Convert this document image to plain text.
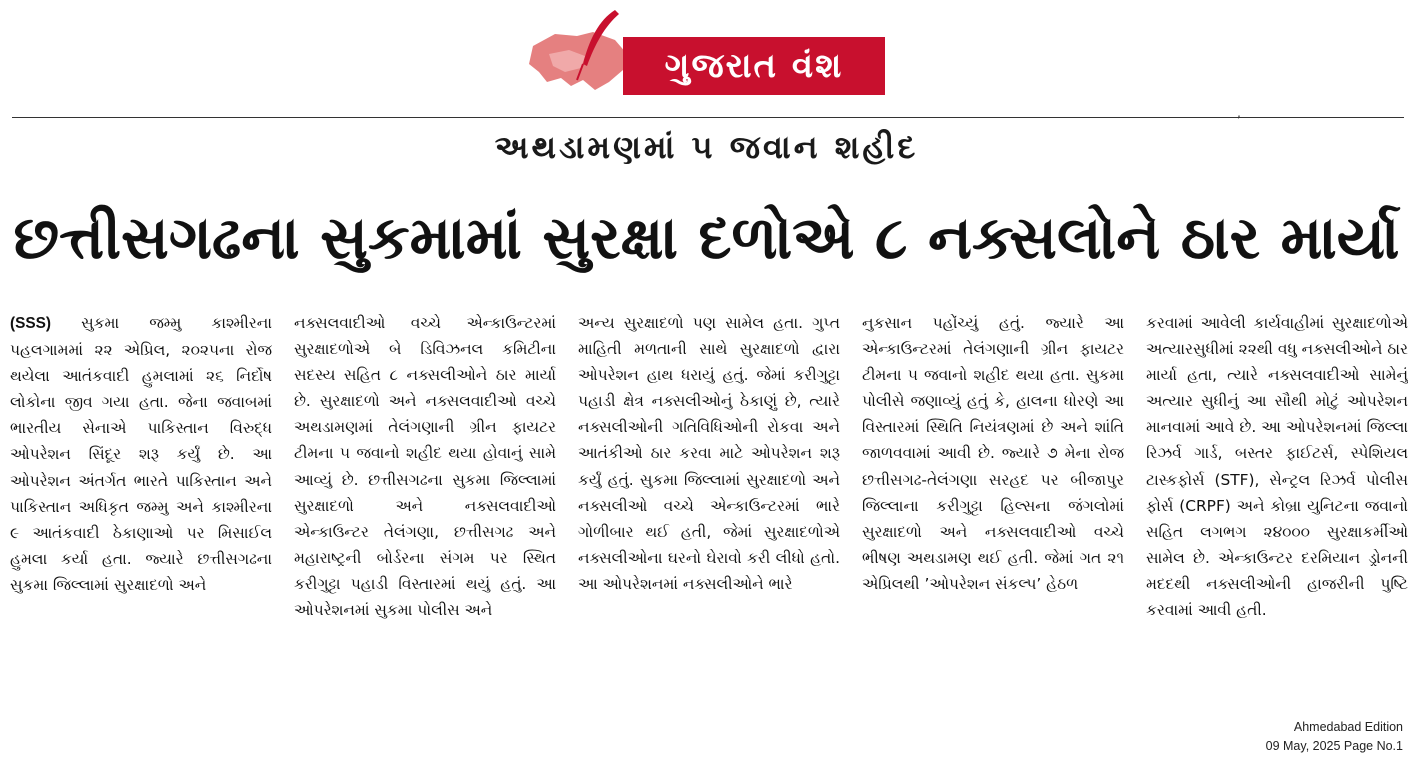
ગુજરાત વંશ
,
અથડામણમાં ૫ જવાન શહીદ
છત્તીસગઢના સુકમામાં સુરક્ષા દળોએ ૮ નક્સલોને ઠાર માર્યા
(SSS) સુકમા જમ્મુ કાશ્મીરના પહલગામમાં ૨૨ એપ્રિલ, ૨૦૨૫ના રોજ થયેલા આતંકવાદી હુમલામાં ૨૬ નિર્દોષ લોકોના જીવ ગયા હતા. જેના જવાબમાં ભારતીય સેનાએ પાકિસ્તાન વિરુદ્ધ ઓપરેશન સિંદૂર શરૂ કર્યું છે. આ ઓપરેશન અંતર્ગત ભારતે પાકિસ્તાન અને પાકિસ્તાન અધિકૃત જમ્મુ અને કાશ્મીરના ૯ આતંકવાદી ઠેકાણાઓ પર મિસાઈલ હુમલા કર્યા હતા. જ્યારે છત્તીસગઢના સુકમા જિલ્લામાં સુરક્ષાદળો અને
નક્સલવાદીઓ વચ્ચે એન્કાઉન્ટરમાં સુરક્ષાદળોએ બે ડિવિઝનલ કમિટીના સદસ્ય સહિત ૮ નક્સલીઓને ઠાર માર્યા છે. સુરક્ષાદળો અને નક્સલવાદીઓ વચ્ચે અથડામણમાં તેલંગણાની ગ્રીન ફાયટર ટીમના ૫ જવાનો શહીદ થયા હોવાનું સામે આવ્યું છે. છત્તીસગઢના સુકમા જિલ્લામાં સુરક્ષાદળો અને નક્સલવાદીઓ એન્કાઉન્ટર તેલંગણા, છત્તીસગઢ અને મહારાષ્ટ્રની બોર્ડરના સંગમ પર સ્થિત કરીગુટ્ટા પહાડી વિસ્તારમાં થયું હતું. આ ઓપરેશનમાં સુકમા પોલીસ અને
અન્ય સુરક્ષાદળો પણ સામેલ હતા. ગુપ્ત માહિતી મળતાની સાથે સુરક્ષાદળો દ્વારા ઓપરેશન હાથ ધરાયું હતું. જેમાં કરીગુટ્ટા પહાડી ક્ષેત્ર નક્સલીઓનું ઠેકાણું છે, ત્યારે નક્સલીઓની ગતિવિધિઓની રોકવા અને આતંકીઓ ઠાર કરવા માટે ઓપરેશન શરૂ કર્યું હતું. સુકમા જિલ્લામાં સુરક્ષાદળો અને નક્સલીઓ વચ્ચે એન્કાઉન્ટરમાં ભારે ગોળીબાર થઈ હતી, જેમાં સુરક્ષાદળોએ નક્સલીઓના ઘરનો ઘેરાવો કરી લીધો હતો. આ ઓપરેશનમાં નક્સલીઓને ભારે
નુકસાન પહોંચ્યું હતું. જ્યારે આ એન્કાઉન્ટરમાં તેલંગણાની ગ્રીન ફાયટર ટીમના ૫ જવાનો શહીદ થયા હતા. સુકમા પોલીસે જણાવ્યું હતું કે, હાલના ધોરણે આ વિસ્તારમાં સ્થિતિ નિયંત્રણમાં છે અને શાંતિ જાળવવામાં આવી છે. જ્યારે ૭ મેના રોજ છત્તીસગઢ-તેલંગણા સરહદ પર બીજાપુર જિલ્લાના કરીગુટ્ટા હિલ્સના જંગલોમાં સુરક્ષાદળો અને નક્સલવાદીઓ વચ્ચે ભીષણ અથડામણ થઈ હતી. જેમાં ગત ૨૧ એપ્રિલથી ’ઓપરેશન સંકલ્પ’ હેઠળ
કરવામાં આવેલી કાર્યવાહીમાં સુરક્ષાદળોએ અત્યારસુધીમાં ૨૨થી વધુ નક્સલીઓને ઠાર માર્યા હતા, ત્યારે નક્સલવાદીઓ સામેનું અત્યાર સુધીનું આ સૌથી મોટું ઓપરેશન માનવામાં આવે છે. આ ઓપરેશનમાં જિલ્લા રિઝર્વ ગાર્ડ, બસ્તર ફાઈટર્સ, સ્પેશિયલ ટાસ્કફોર્સ (STF), સેન્ટ્રલ રિઝર્વ પોલીસ ફોર્સ (CRPF) અને કોબ્રા યુનિટના જવાનો સહિત લગભગ ૨૪૦૦૦ સુરક્ષાકર્મીઓ સામેલ છે. એન્કાઉન્ટર દરમિયાન ડ્રોનની મદદથી નક્સલીઓની હાજરીની પુષ્ટિ કરવામાં આવી હતી.
Ahmedabad Edition
09 May, 2025 Page No.1
